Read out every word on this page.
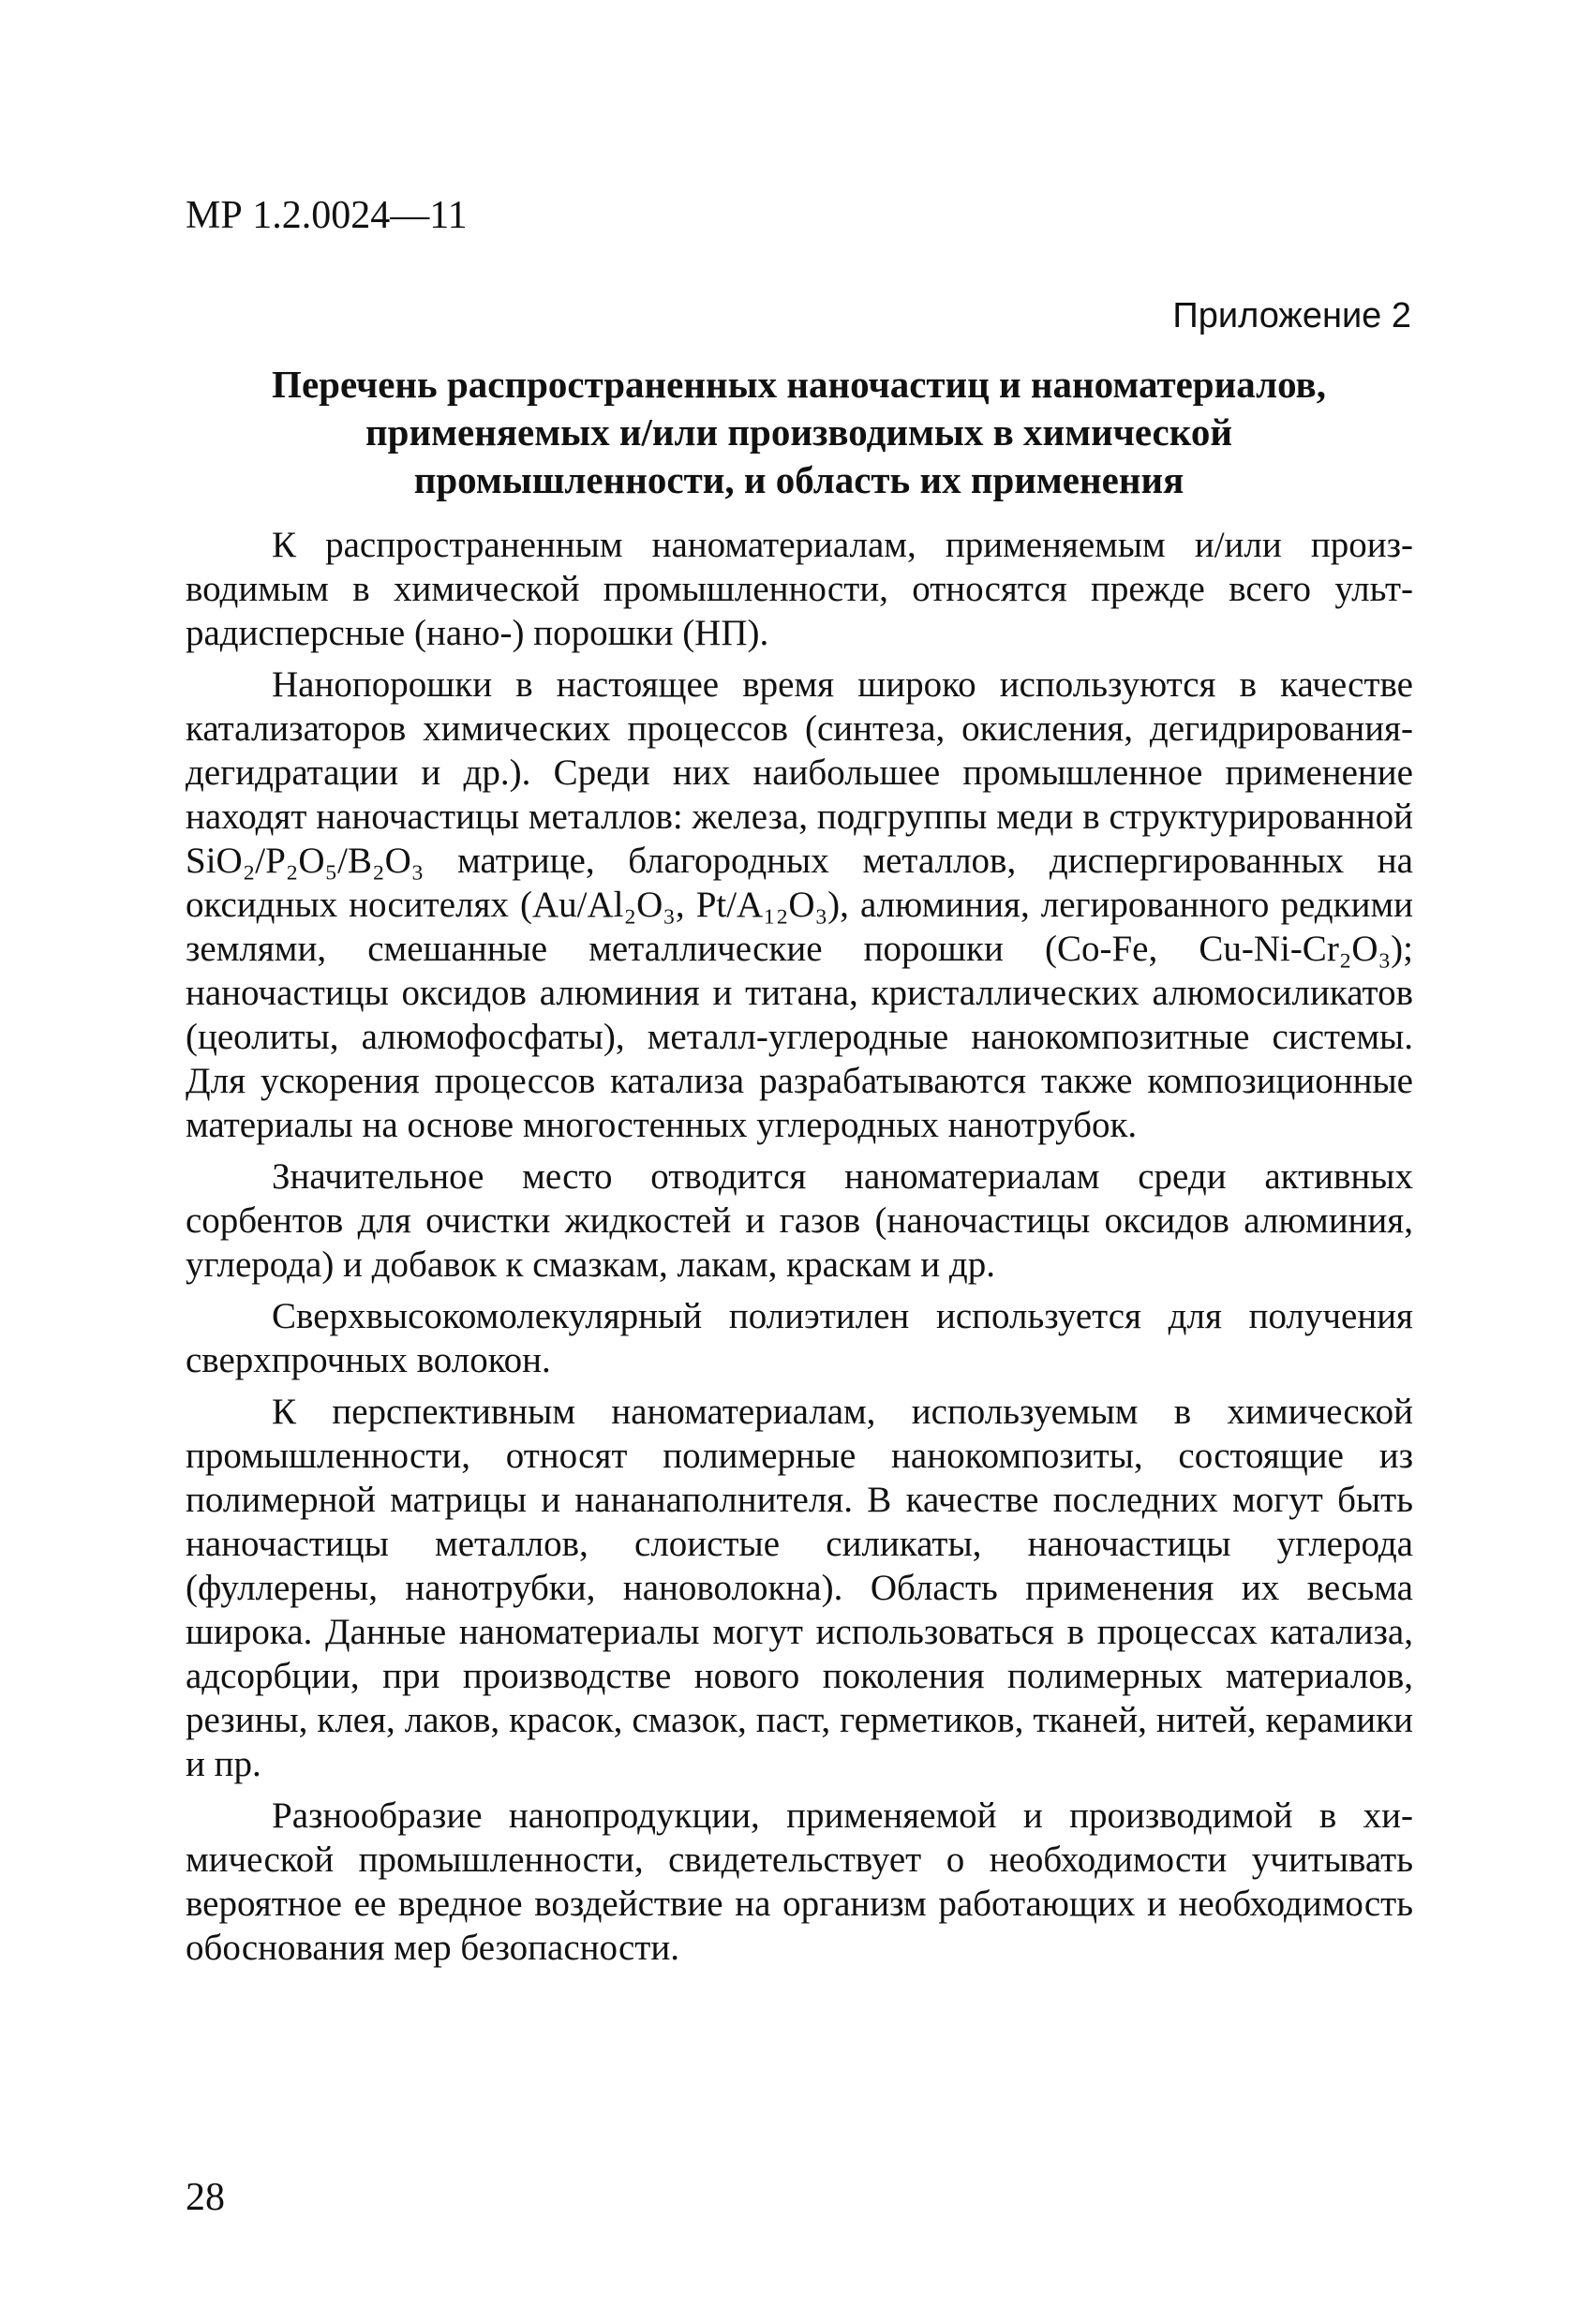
МР 1.2.0024—11
Приложение 2
Перечень распространенных наночастиц и наноматериалов,
применяемых и/или производимых в химической
промышленности, и область их применения

К распространенным наноматериалам, применяемым и/или производимым в химической промышленности, относятся прежде всего ультрадисперсные (нано-) порошки (НП).

Нанопорошки в настоящее время широко используются в качестве катализаторов химических процессов (синтеза, окисления, дегидрирования-дегидратации и др.). Среди них наибольшее промышленное применение находят наночастицы металлов: железа, подгруппы меди в структурированной SiO₂/P₂O₅/B₂O₃ матрице, благородных металлов, диспергированных на оксидных носителях (Au/Al₂O₃, Pt/A₁₂O₃), алюминия, легированного редкими землями, смешанные металлические порошки (Co-Fe, Cu-Ni-Cr₂O₃); наночастицы оксидов алюминия и титана, кристаллических алюмосиликатов (цеолиты, алюмофосфаты), металл-углеродные нанокомпозитные системы. Для ускорения процессов катализа разрабатываются также композиционные материалы на основе многостенных углеродных нанотрубок.

Значительное место отводится наноматериалам среди активных сорбентов для очистки жидкостей и газов (наночастицы оксидов алюминия, углерода) и добавок к смазкам, лакам, краскам и др.

Сверхвысокомолекулярный полиэтилен используется для получения сверхпрочных волокон.

К перспективным наноматериалам, используемым в химической промышленности, относят полимерные нанокомпозиты, состоящие из полимерной матрицы и нананаполнителя. В качестве последних могут быть наночастицы металлов, слоистые силикаты, наночастицы углерода (фуллерены, нанотрубки, нановолокна). Область применения их весьма широка. Данные наноматериалы могут использоваться в процессах катализа, адсорбции, при производстве нового поколения полимерных материалов, резины, клея, лаков, красок, смазок, паст, герметиков, тканей, нитей, керамики и пр.

Разнообразие нанопродукции, применяемой и производимой в химической промышленности, свидетельствует о необходимости учитывать вероятное ее вредное воздействие на организм работающих и необходимость обоснования мер безопасности.

28
